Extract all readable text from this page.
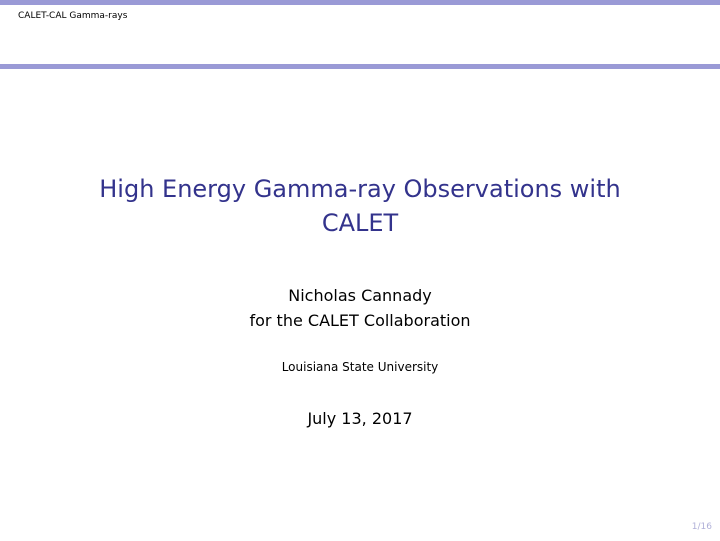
CALET-CAL Gamma-rays
High Energy Gamma-ray Observations with
CALET
Nicholas Cannady
for the CALET Collaboration
Louisiana State University
July 13, 2017
1/16
